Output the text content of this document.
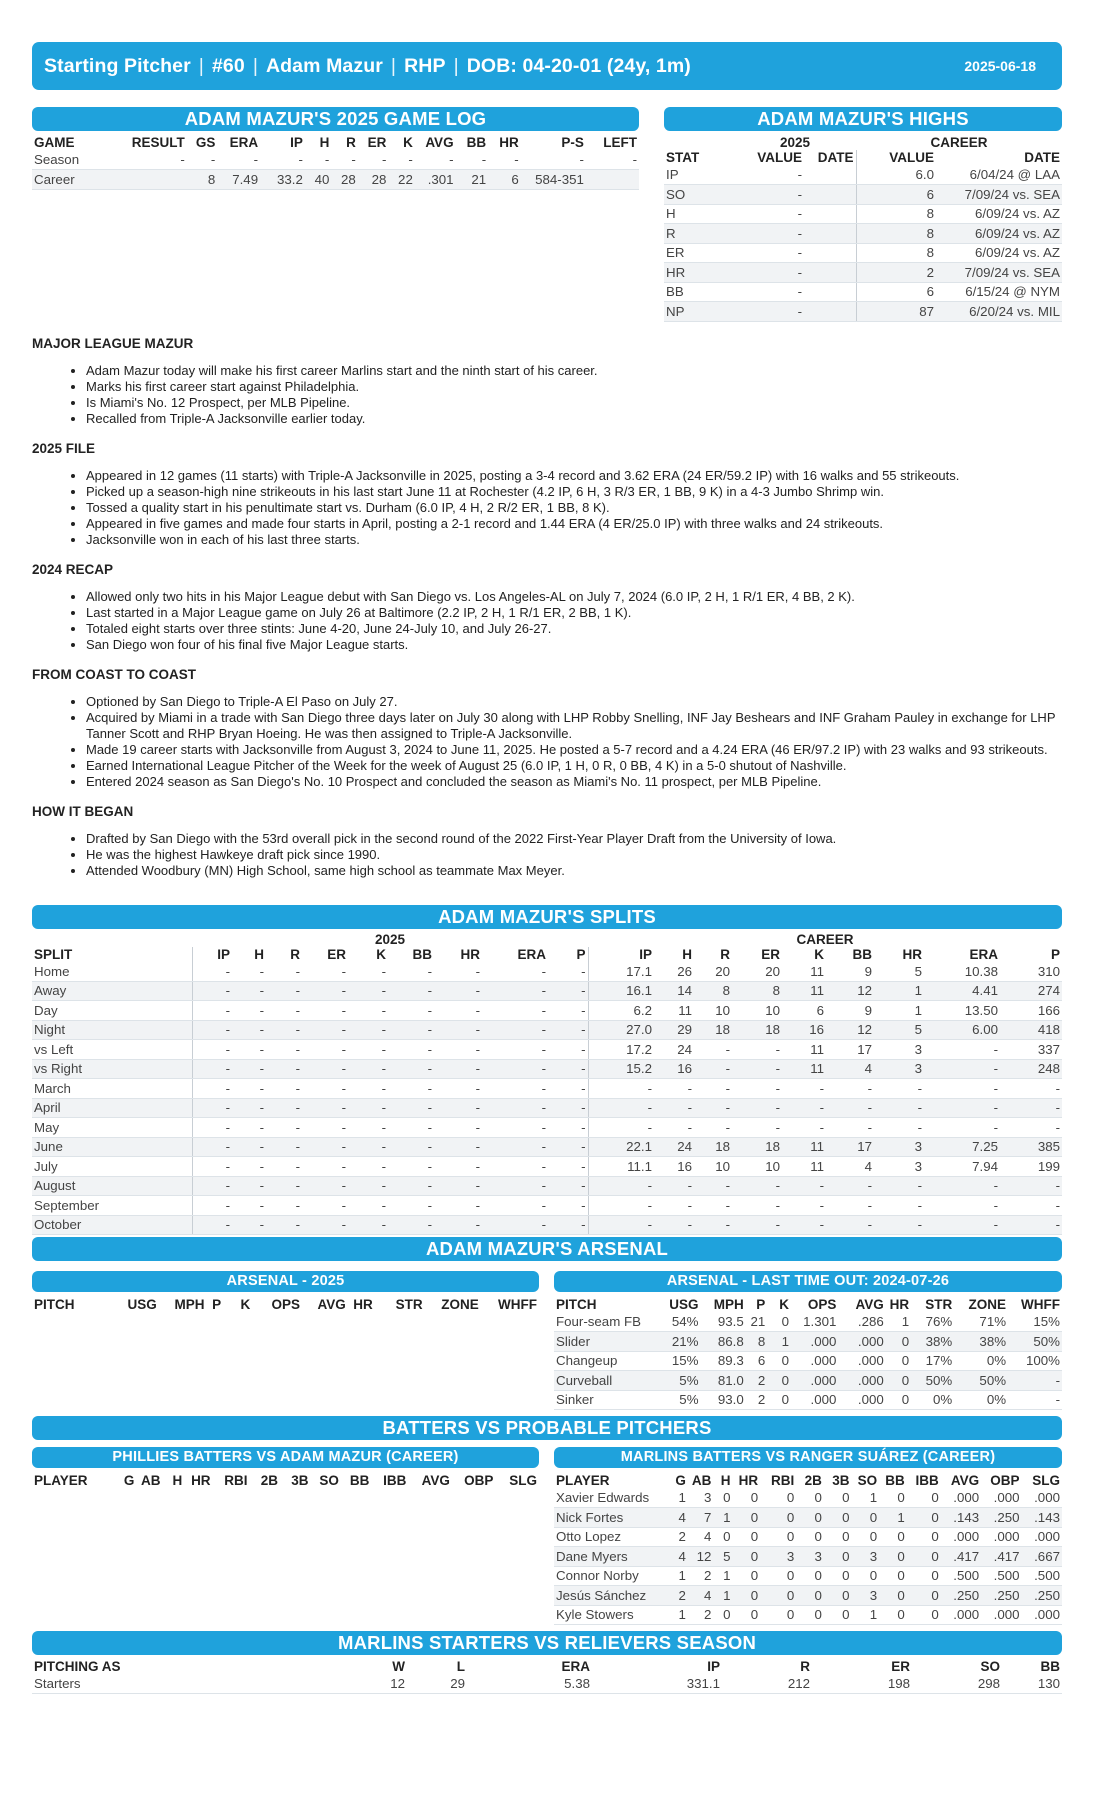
Starting Pitcher | #60 | Adam Mazur | RHP | DOB: 04-20-01 (24y, 1m)	2025-06-18
ADAM MAZUR'S 2025 GAME LOG
GAME	RESULT	GS	ERA	IP	H	R	ER	K	AVG	BB	HR	P-S	LEFT
Season	-	-	-	-	-	-	-	-	-	-	-	-	-
Career		8	7.49	33.2	40	28	28	22	.301	21	6	584-351	
ADAM MAZUR'S HIGHS
	2025		CAREER	
STAT	VALUE	DATE	VALUE	DATE
IP	-		6.0	6/04/24 @ LAA
SO	-		6	7/09/24 vs. SEA
H	-		8	6/09/24 vs. AZ
R	-		8	6/09/24 vs. AZ
ER	-		8	6/09/24 vs. AZ
HR	-		2	7/09/24 vs. SEA
BB	-		6	6/15/24 @ NYM
NP	-		87	6/20/24 vs. MIL
MAJOR LEAGUE MAZUR
• Adam Mazur today will make his first career Marlins start and the ninth start of his career.
• Marks his first career start against Philadelphia.
• Is Miami's No. 12 Prospect, per MLB Pipeline.
• Recalled from Triple-A Jacksonville earlier today.
2025 FILE
• Appeared in 12 games (11 starts) with Triple-A Jacksonville in 2025, posting a 3-4 record and 3.62 ERA (24 ER/59.2 IP) with 16 walks and 55 strikeouts.
• Picked up a season-high nine strikeouts in his last start June 11 at Rochester (4.2 IP, 6 H, 3 R/3 ER, 1 BB, 9 K) in a 4-3 Jumbo Shrimp win.
• Tossed a quality start in his penultimate start vs. Durham (6.0 IP, 4 H, 2 R/2 ER, 1 BB, 8 K).
• Appeared in five games and made four starts in April, posting a 2-1 record and 1.44 ERA (4 ER/25.0 IP) with three walks and 24 strikeouts.
• Jacksonville won in each of his last three starts.
2024 RECAP
• Allowed only two hits in his Major League debut with San Diego vs. Los Angeles-AL on July 7, 2024 (6.0 IP, 2 H, 1 R/1 ER, 4 BB, 2 K).
• Last started in a Major League game on July 26 at Baltimore (2.2 IP, 2 H, 1 R/1 ER, 2 BB, 1 K).
• Totaled eight starts over three stints: June 4-20, June 24-July 10, and July 26-27.
• San Diego won four of his final five Major League starts.
FROM COAST TO COAST
• Optioned by San Diego to Triple-A El Paso on July 27.
• Acquired by Miami in a trade with San Diego three days later on July 30 along with LHP Robby Snelling, INF Jay Beshears and INF Graham Pauley in exchange for LHP Tanner Scott and RHP Bryan Hoeing. He was then assigned to Triple-A Jacksonville.
• Made 19 career starts with Jacksonville from August 3, 2024 to June 11, 2025. He posted a 5-7 record and a 4.24 ERA (46 ER/97.2 IP) with 23 walks and 93 strikeouts.
• Earned International League Pitcher of the Week for the week of August 25 (6.0 IP, 1 H, 0 R, 0 BB, 4 K) in a 5-0 shutout of Nashville.
• Entered 2024 season as San Diego's No. 10 Prospect and concluded the season as Miami's No. 11 prospect, per MLB Pipeline.
HOW IT BEGAN
• Drafted by San Diego with the 53rd overall pick in the second round of the 2022 First-Year Player Draft from the University of Iowa.
• He was the highest Hawkeye draft pick since 1990.
• Attended Woodbury (MN) High School, same high school as teammate Max Meyer.
ADAM MAZUR'S SPLITS
	2025									CAREER								
SPLIT	IP	H	R	ER	K	BB	HR	ERA	P	IP	H	R	ER	K	BB	HR	ERA	P
Home	-	-	-	-	-	-	-	-	-	17.1	26	20	20	11	9	5	10.38	310
Away	-	-	-	-	-	-	-	-	-	16.1	14	8	8	11	12	1	4.41	274
Day	-	-	-	-	-	-	-	-	-	6.2	11	10	10	6	9	1	13.50	166
Night	-	-	-	-	-	-	-	-	-	27.0	29	18	18	16	12	5	6.00	418
vs Left	-	-	-	-	-	-	-	-	-	17.2	24	-	-	11	17	3	-	337
vs Right	-	-	-	-	-	-	-	-	-	15.2	16	-	-	11	4	3	-	248
March	-	-	-	-	-	-	-	-	-	-	-	-	-	-	-	-	-	-
April	-	-	-	-	-	-	-	-	-	-	-	-	-	-	-	-	-	-
May	-	-	-	-	-	-	-	-	-	-	-	-	-	-	-	-	-	-
June	-	-	-	-	-	-	-	-	-	22.1	24	18	18	11	17	3	7.25	385
July	-	-	-	-	-	-	-	-	-	11.1	16	10	10	11	4	3	7.94	199
August	-	-	-	-	-	-	-	-	-	-	-	-	-	-	-	-	-	-
September	-	-	-	-	-	-	-	-	-	-	-	-	-	-	-	-	-	-
October	-	-	-	-	-	-	-	-	-	-	-	-	-	-	-	-	-	-
ADAM MAZUR'S ARSENAL
ARSENAL - 2025
PITCH	USG	MPH	P	K	OPS	AVG	HR	STR	ZONE	WHFF
ARSENAL - LAST TIME OUT: 2024-07-26
PITCH	USG	MPH	P	K	OPS	AVG	HR	STR	ZONE	WHFF
Four-seam FB	54%	93.5	21	0	1.301	.286	1	76%	71%	15%
Slider	21%	86.8	8	1	.000	.000	0	38%	38%	50%
Changeup	15%	89.3	6	0	.000	.000	0	17%	0%	100%
Curveball	5%	81.0	2	0	.000	.000	0	50%	50%	-
Sinker	5%	93.0	2	0	.000	.000	0	0%	0%	-
BATTERS VS PROBABLE PITCHERS
PHILLIES BATTERS VS ADAM MAZUR (CAREER)
PLAYER	G	AB	H	HR	RBI	2B	3B	SO	BB	IBB	AVG	OBP	SLG
MARLINS BATTERS VS RANGER SUÁREZ (CAREER)
PLAYER	G	AB	H	HR	RBI	2B	3B	SO	BB	IBB	AVG	OBP	SLG
Xavier Edwards	1	3	0	0	0	0	0	1	0	0	.000	.000	.000
Nick Fortes	4	7	1	0	0	0	0	0	1	0	.143	.250	.143
Otto Lopez	2	4	0	0	0	0	0	0	0	0	.000	.000	.000
Dane Myers	4	12	5	0	3	3	0	3	0	0	.417	.417	.667
Connor Norby	1	2	1	0	0	0	0	0	0	0	.500	.500	.500
Jesús Sánchez	2	4	1	0	0	0	0	3	0	0	.250	.250	.250
Kyle Stowers	1	2	0	0	0	0	0	1	0	0	.000	.000	.000
MARLINS STARTERS VS RELIEVERS SEASON
PITCHING AS	W	L	ERA	IP	R	ER	SO	BB
Starters	12	29	5.38	331.1	212	198	298	130
